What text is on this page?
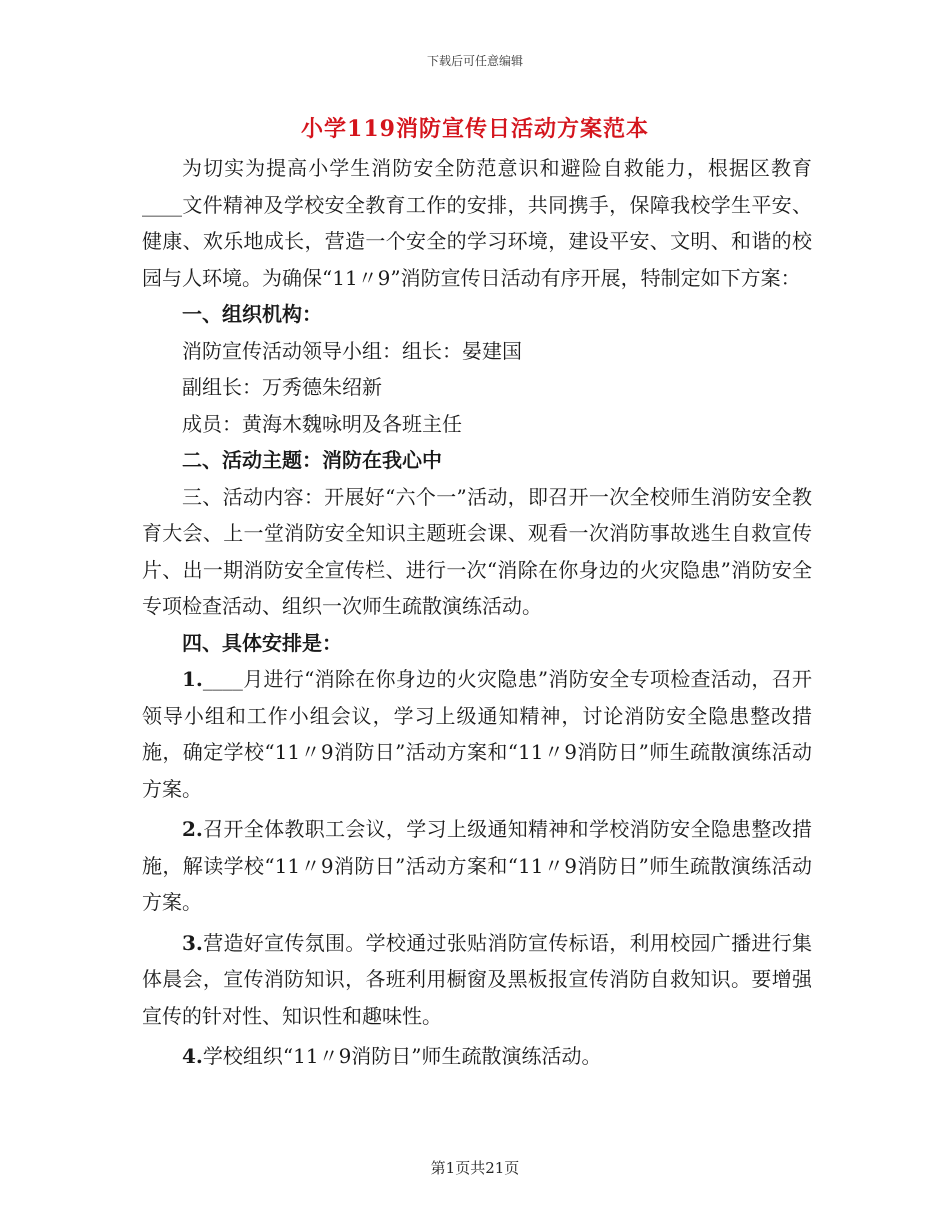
下载后可任意编辑
小学119消防宣传日活动方案范本

为切实为提高小学生消防安全防范意识和避险自救能力，根据区教育____文件精神及学校安全教育工作的安排，共同携手，保障我校学生平安、健康、欢乐地成长，营造一个安全的学习环境，建设平安、文明、和谐的校园与人环境。为确保“11〃9”消防宣传日活动有序开展，特制定如下方案：

一、组织机构：

消防宣传活动领导小组：组长：晏建国

副组长：万秀德朱绍新

成员：黄海木魏咏明及各班主任

二、活动主题：消防在我心中

三、活动内容：开展好“六个一”活动，即召开一次全校师生消防安全教育大会、上一堂消防安全知识主题班会课、观看一次消防事故逃生自救宣传片、出一期消防安全宣传栏、进行一次“消除在你身边的火灾隐患”消防安全专项检查活动、组织一次师生疏散演练活动。

四、具体安排是：

1.____月进行“消除在你身边的火灾隐患”消防安全专项检查活动，召开领导小组和工作小组会议，学习上级通知精神，讨论消防安全隐患整改措施，确定学校“11〃9消防日”活动方案和“11〃9消防日”师生疏散演练活动方案。

2.召开全体教职工会议，学习上级通知精神和学校消防安全隐患整改措施，解读学校“11〃9消防日”活动方案和“11〃9消防日”师生疏散演练活动方案。

3.营造好宣传氛围。学校通过张贴消防宣传标语，利用校园广播进行集体晨会，宣传消防知识，各班利用橱窗及黑板报宣传消防自救知识。要增强宣传的针对性、知识性和趣味性。

4.学校组织“11〃9消防日”师生疏散演练活动。

第1页共21页
